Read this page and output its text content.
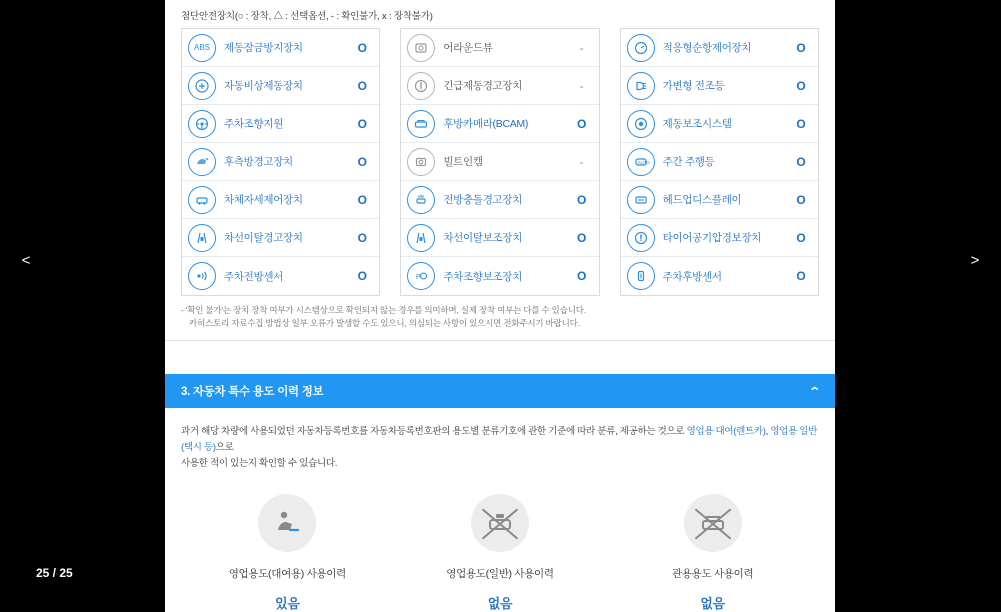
첨단안전장치(○ : 장착, △ : 선택옵션, - : 확인불가, x : 장착불가)
ABS	제동잠금방지장치	O
자동비상제동장치	O
주차조향지원	O
후측방경고장치	O
차체자세제어장치	O
차선이탈경고장치	O
주차전방센서	O
어라운드뷰	-
긴급제동경고장치	-
후방카메라(BCAM)	O
빌트인캠	-
전방충돌경고장치	O
차선이탈보조장치	O
P 주차조향보조장치	O
적응형순항제어장치	O
가변형 전조등	O
제동보조시스템	O
AUTO 주간 주행등	O
헤드업디스플레이	O
타이어공기압경보장치	O
주차후방센서	O
- '확인 불가'는 장치 장착 여부가 시스템상으로 확인되지 않는 경우를 의미하며, 실제 장착 여부는 다를 수 있습니다.
카히스토리 자료수집 방법상 일부 오류가 발생할 수도 있으니, 의심되는 사항이 있으시면 전화주시기 바랍니다.
3. 자동차 특수 용도 이력 정보	⌃
과거 해당 차량에 사용되었던 자동차등록번호를 자동차등록번호판의 용도별 분류기호에 관한 기준에 따라 분류, 제공하는 것으로 영업용 대여(렌트카), 영업용 일반(택시 등)으로
사용한 적이 있는지 확인할 수 있습니다.
영업용도(대여용) 사용이력
있음
영업용도(일반) 사용이력
없음
관용용도 사용이력
없음
<	>
25 / 25
